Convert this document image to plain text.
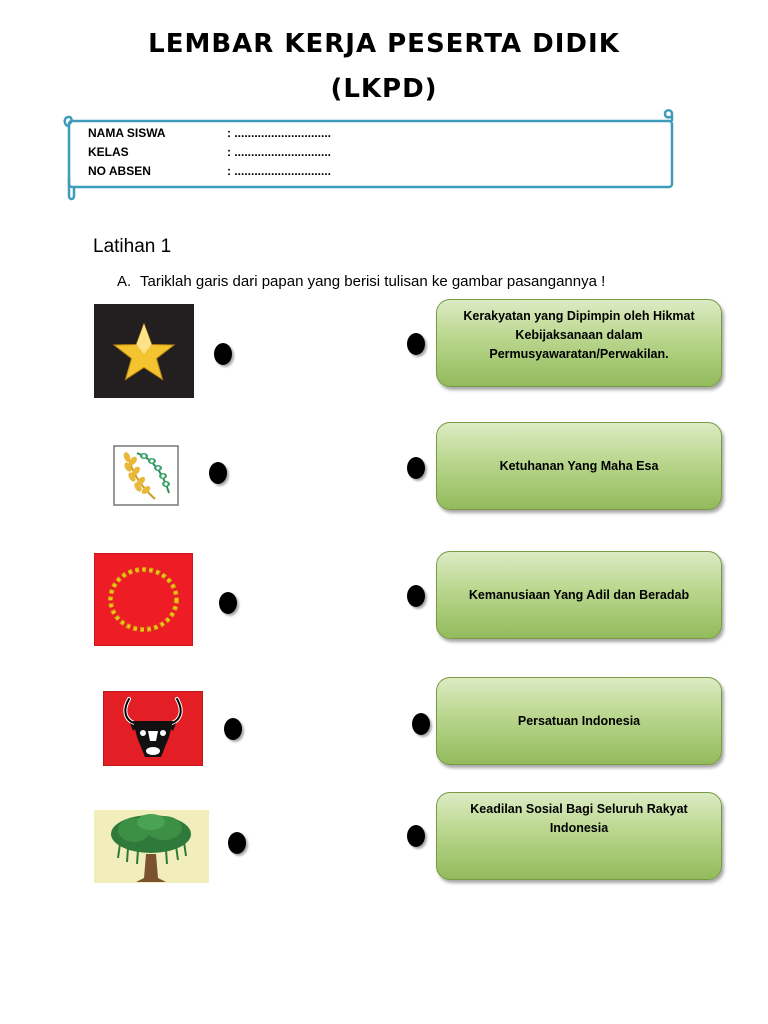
LEMBAR KERJA PESERTA DIDIK
(LKPD)
NAMA SISWA	: .............................
KELAS	: .............................
NO ABSEN	: .............................
Latihan 1
A. Tariklah garis dari papan yang berisi tulisan ke gambar pasangannya !
Kerakyatan yang Dipimpin oleh Hikmat Kebijaksanaan dalam Permusyawaratan/Perwakilan.
Ketuhanan Yang Maha Esa
Kemanusiaan Yang Adil dan Beradab
Persatuan Indonesia
Keadilan Sosial Bagi Seluruh Rakyat Indonesia
